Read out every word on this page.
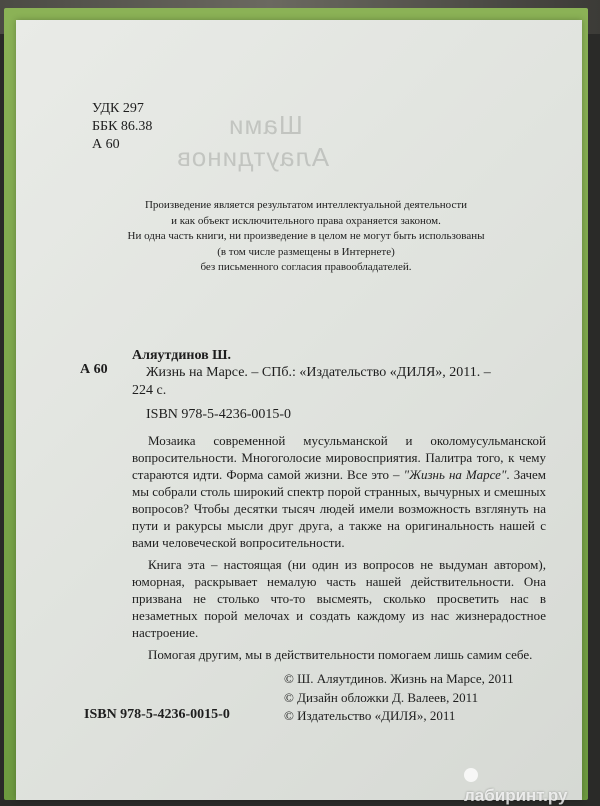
Шами
Алаутдинов
УДК 297
ББК 86.38
А 60
Произведение является результатом интеллектуальной деятельности
и как объект исключительного права охраняется законом.
Ни одна часть книги, ни произведение в целом не могут быть использованы
(в том числе размещены в Интернете)
без письменного согласия правообладателей.
А 60
Аляутдинов Ш.
Жизнь на Марсе. – СПб.: «Издательство «ДИЛЯ», 2011. –
224 с.
ISBN 978-5-4236-0015-0

Мозаика современной мусульманской и околомусульманской вопросительности. Многоголосие мировосприятия. Палитра того, к чему стараются идти. Форма самой жизни. Все это – "Жизнь на Марсе". Зачем мы собрали столь широкий спектр порой странных, вычурных и смешных вопросов? Чтобы десятки тысяч людей имели возможность взглянуть на пути и ракурсы мысли друг друга, а также на оригинальность нашей с вами человеческой вопросительности.

Книга эта – настоящая (ни один из вопросов не выдуман автором), юморная, раскрывает немалую часть нашей действительности. Она призвана не столько что-то высмеять, сколько просветить нас в незаметных порой мелочах и создать каждому из нас жизнерадостное настроение.

Помогая другим, мы в действительности помогаем лишь самим себе.

© Ш. Аляутдинов. Жизнь на Марсе, 2011
© Дизайн обложки Д. Валеев, 2011
© Издательство «ДИЛЯ», 2011
ISBN 978-5-4236-0015-0
лабиринт.ру
